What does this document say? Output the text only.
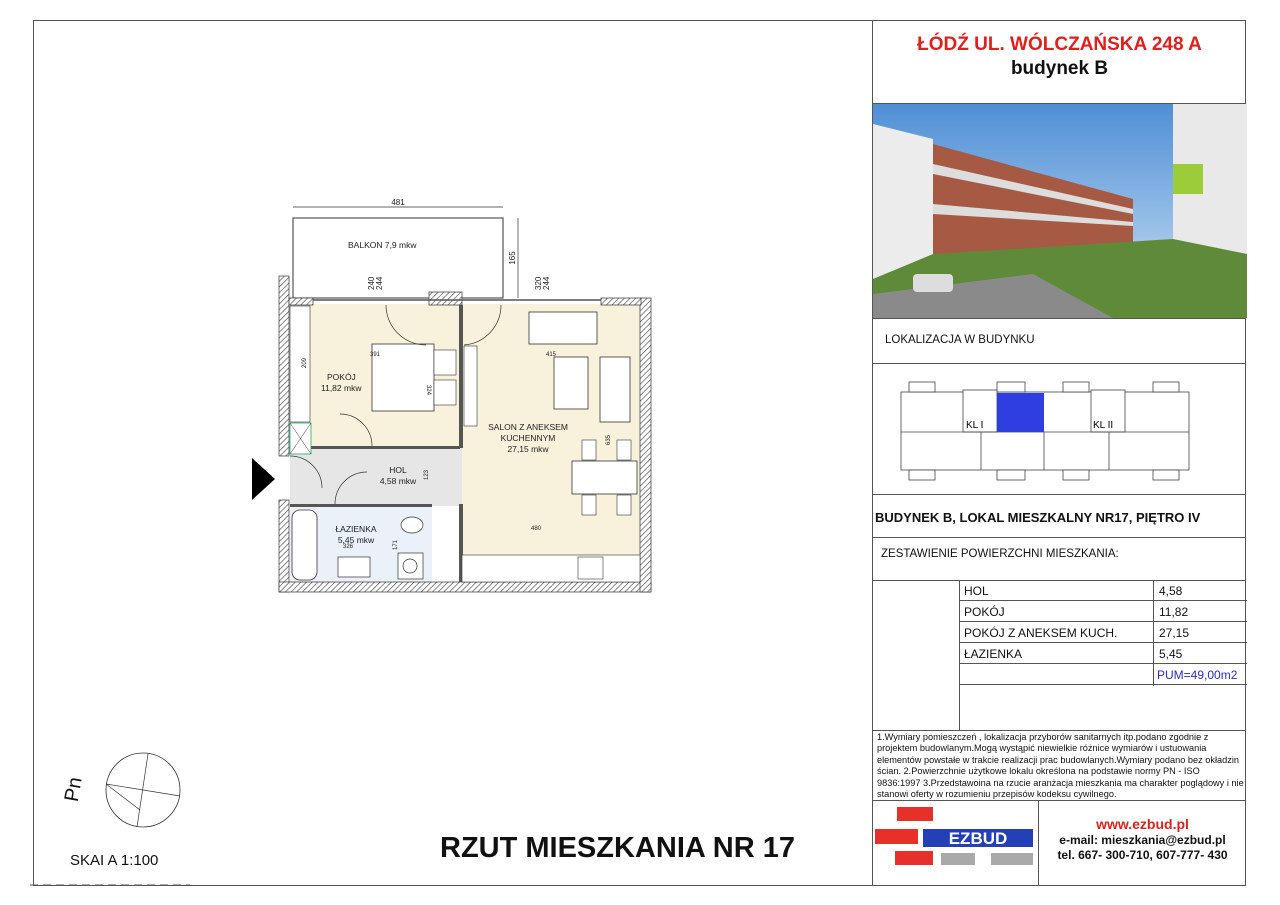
481
165
BALKON 7,9 mkw
240 244	320 244
POKÓJ
11,82 mkw
SALON Z ANEKSEM
KUCHENNYM
27,15 mkw
HOL
4,58 mkw
ŁAZIENKA
5,45 mkw
391	415
480
326
324
635
171
123
209
Pn
SKAI A 1:100	RZUT MIESZKANIA NR 17
ŁÓDŹ UL. WÓLCZAŃSKA 248 A
budynek B
LOKALIZACJA W BUDYNKU
KL I	KL II
BUDYNEK B, LOKAL MIESZKALNY NR17, PIĘTRO IV
ZESTAWIENIE POWIERZCHNI MIESZKANIA:
HOL	4,58
POKÓJ	11,82
POKÓJ Z ANEKSEM KUCH.	27,15
ŁAZIENKA	5,45
PUM=49,00m2
1.Wymiary pomieszczeń , lokalizacja przyborów sanitarnych itp.podano zgodnie z projektem budowlanym.Mogą wystąpić niewielkie różnice wymiarów i ustuowania elementów powstałe w trakcie realizacji prac budowlanych.Wymiary podano bez okładzin ścian. 2.Powierzchnie użytkowe lokalu określona na podstawie normy PN - ISO 9836:1997 3.Przedstawoina na rzucie aranżacja mieszkania ma charakter poglądowy i nie stanowi oferty w rozumieniu przepisów kodeksu cywilnego.
EZBUD
www.ezbud.pl
e-mail: mieszkania@ezbud.pl
tel. 667- 300-710, 607-777- 430
